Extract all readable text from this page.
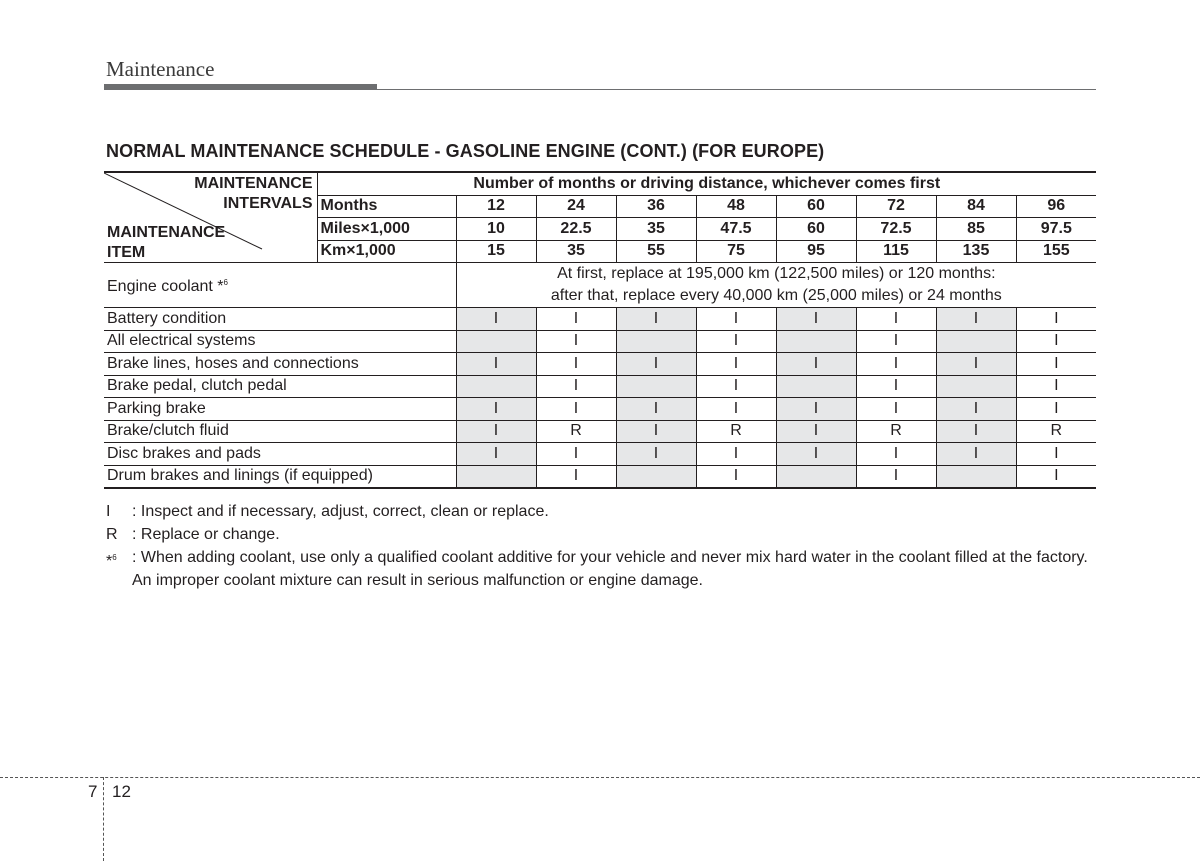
Maintenance
NORMAL MAINTENANCE SCHEDULE - GASOLINE ENGINE (CONT.) (FOR EUROPE)
MAINTENANCE
INTERVALS
MAINTENANCE
ITEM	Number of months or driving distance, whichever comes first								
	Months	12	24	36	48	60	72	84	96
	Miles×1,000	10	22.5	35	47.5	60	72.5	85	97.5
	Km×1,000	15	35	55	75	95	115	135	155
Engine coolant *$^6$		At first, replace at 195,000 km (122,500 miles) or 120 months:
after that, replace every 40,000 km (25,000 miles) or 24 months							
Battery condition		I	I	I	I	I	I	I	I
All electrical systems			I		I		I		I
Brake lines, hoses and connections		I	I	I	I	I	I	I	I
Brake pedal, clutch pedal			I		I		I		I
Parking brake		I	I	I	I	I	I	I	I
Brake/clutch fluid		I	R	I	R	I	R	I	R
Disc brakes and pads		I	I	I	I	I	I	I	I
Drum brakes and linings (if equipped)			I		I		I		I
I : Inspect and if necessary, adjust, correct, clean or replace.
R : Replace or change.
*$^6$ : When adding coolant, use only a qualified coolant additive for your vehicle and never mix hard water in the coolant filled at the factory. An improper coolant mixture can result in serious malfunction or engine damage.
7 12
